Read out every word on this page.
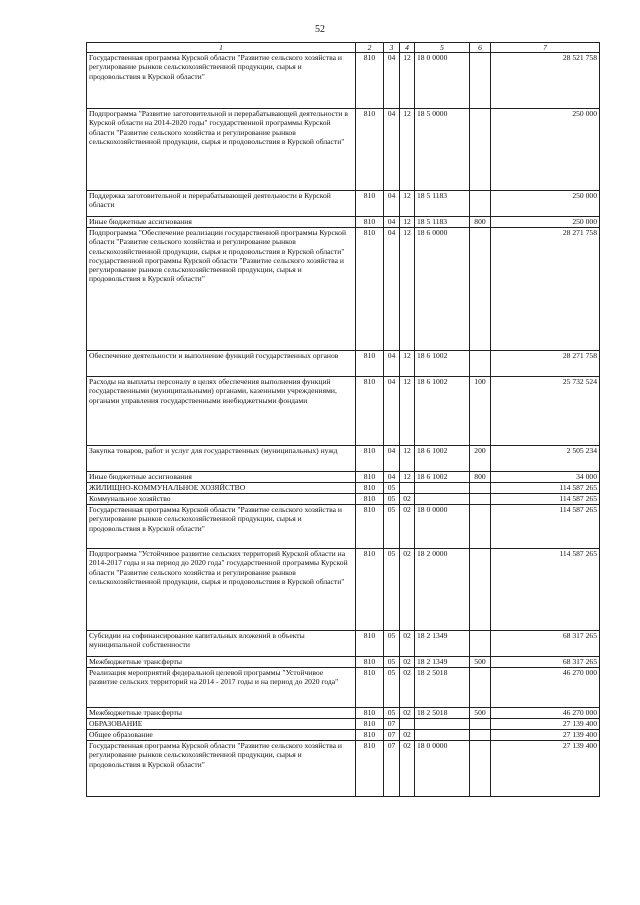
52
1	2	3	4	5	6	7
Государственная программа Курской области "Развитие сельского хозяйства и регулирование рынков сельскохозяйственной продукции, сырья и продовольствия в Курской области"	810	04	12	18 0 0000		28 521 758
Подпрограмма "Развитие заготовительной и перерабатывающей деятельности в Курской области на 2014-2020 годы" государственной программы Курской области "Развитие сельского хозяйства и регулирование рынков сельскохозяйственной продукции, сырья и продовольствия в Курской области"	810	04	12	18 5 0000		250 000
Поддержка заготовительной и перерабатывающей деятельности в Курской области	810	04	12	18 5 1183		250 000
Иные бюджетные ассигнования	810	04	12	18 5 1183	800	250 000
Подпрограмма "Обеспечение реализации государственной программы Курской области "Развитие сельского хозяйства и регулирование рынков сельскохозяйственной продукции, сырья и продовольствия в Курской области" государственной программы Курской области "Развитие сельского хозяйства и регулирование рынков сельскохозяйственной продукции, сырья и продовольствия в Курской области"	810	04	12	18 6 0000		28 271 758
Обеспечение деятельности и выполнение функций государственных органов	810	04	12	18 6 1002		28 271 758
Расходы на выплаты персоналу в целях обеспечения выполнения функций государственными (муниципальными) органами, казенными учреждениями, органами управления государственными внебюджетными фондами	810	04	12	18 6 1002	100	25 732 524
Закупка товаров, работ и услуг для государственных (муниципальных) нужд	810	04	12	18 6 1002	200	2 505 234
Иные бюджетные ассигнования	810	04	12	18 6 1002	800	34 000
ЖИЛИЩНО-КОММУНАЛЬНОЕ ХОЗЯЙСТВО	810	05				114 587 265
Коммунальное хозяйство	810	05	02			114 587 265
Государственная программа Курской области "Развитие сельского хозяйства и регулирование рынков сельскохозяйственной продукции, сырья и продовольствия в Курской области"	810	05	02	18 0 0000		114 587 265
Подпрограмма "Устойчивое развитие сельских территорий Курской области на 2014-2017 годы и на период до 2020 года" государственной программы Курской области "Развитие сельского хозяйства и регулирование рынков сельскохозяйственной продукции, сырья и продовольствия в Курской области"	810	05	02	18 2 0000		114 587 265
Субсидии на софинансирование капитальных вложений в объекты муниципальной собственности	810	05	02	18 2 1349		68 317 265
Межбюджетные трансферты	810	05	02	18 2 1349	500	68 317 265
Реализация мероприятий федеральной целевой программы "Устойчивое развитие сельских территорий на 2014 - 2017 годы и на период до 2020 года"	810	05	02	18 2 5018		46 270 000
Межбюджетные трансферты	810	05	02	18 2 5018	500	46 270 000
ОБРАЗОВАНИЕ	810	07				27 139 400
Общее образование	810	07	02			27 139 400
Государственная программа Курской области "Развитие сельского хозяйства и регулирование рынков сельскохозяйственной продукции, сырья и продовольствия в Курской области"	810	07	02	18 0 0000		27 139 400
